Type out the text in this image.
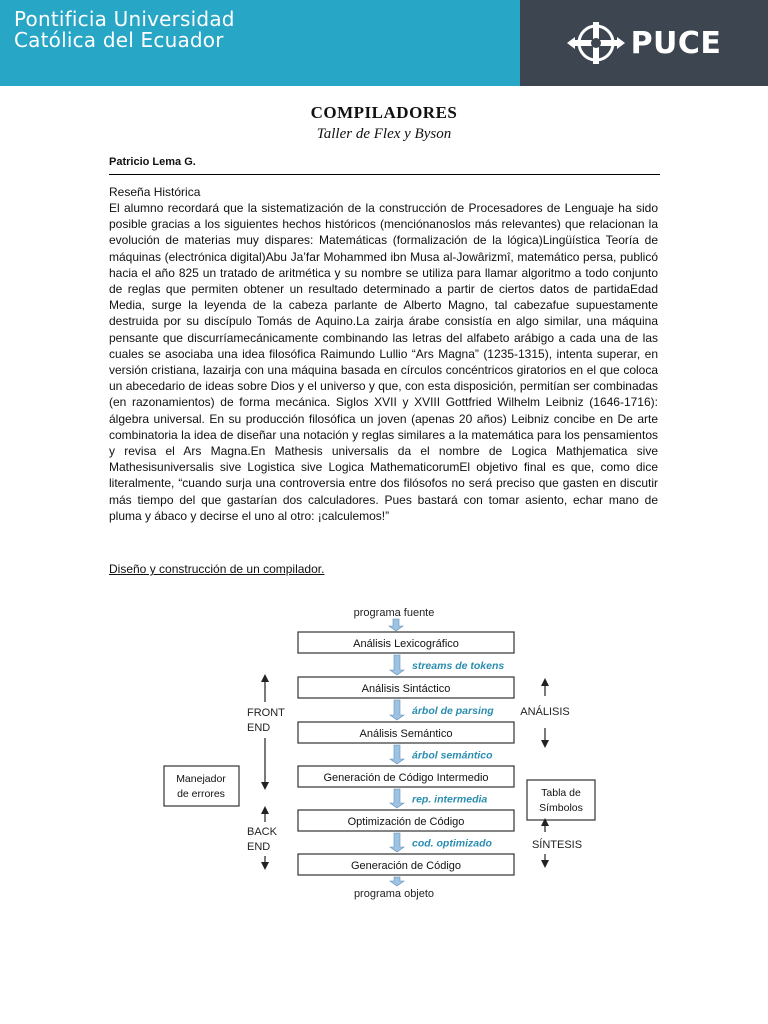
Pontificia Universidad
Católica del Ecuador	PUCE
COMPILADORES
Taller de Flex y Byson
Patricio Lema G.
Reseña Histórica
El alumno recordará que la sistematización de la construcción de Procesadores de Lenguaje ha sido posible gracias a los siguientes hechos históricos (menciónanoslos más relevantes) que relacionan la evolución de materias muy dispares: Matemáticas (formalización de la lógica)Lingüística Teoría de máquinas (electrónica digital)Abu Ja’far Mohammed ibn Musa al-Jowârizmî, matemático persa, publicó hacia el año 825 un tratado de aritmética y su nombre se utiliza para llamar algoritmo a todo conjunto de reglas que permiten obtener un resultado determinado a partir de ciertos datos de partidaEdad Media, surge la leyenda de la cabeza parlante de Alberto Magno, tal cabezafue supuestamente destruida por su discípulo Tomás de Aquino.La zairja árabe consistía en algo similar, una máquina pensante que discurríamecánicamente combinando las letras del alfabeto arábigo a cada una de las cuales se asociaba una idea filosófica Raimundo Lullio “Ars Magna” (1235-1315), intenta superar, en versión cristiana, lazairja con una máquina basada en círculos concéntricos giratorios en el que coloca un abecedario de ideas sobre Dios y el universo y que, con esta disposición, permitían ser combinadas (en razonamientos) de forma mecánica. Siglos XVII y XVIII Gottfried Wilhelm Leibniz (1646-1716): álgebra universal. En su producción filosófica un joven (apenas 20 años) Leibniz concibe en De arte combinatoria la idea de diseñar una notación y reglas similares a la matemática para los pensamientos y revisa el Ars Magna.En Mathesis universalis da el nombre de Logica Mathjematica sive Mathesisuniversalis sive Logistica sive Logica MathematicorumEl objetivo final es que, como dice literalmente, “cuando surja una controversia entre dos filósofos no será preciso que gasten en discutir más tiempo del que gastarían dos calculadores. Pues bastará con tomar asiento, echar mano de pluma y ábaco y decirse el uno al otro: ¡calculemos!”
Diseño y construcción de un compilador.
programa fuente
Análisis Lexicográfico
Análisis Sintáctico
Análisis Semántico
Generación de Código Intermedio
Optimización de Código
Generación de Código
streams de tokens
árbol de parsing
árbol semántico
rep. intermedia
cod. optimizado
programa objeto
FRONT
END
BACK
END
Manejador
de errores
ANÁLISIS
Tabla de
Símbolos
SÍNTESIS
